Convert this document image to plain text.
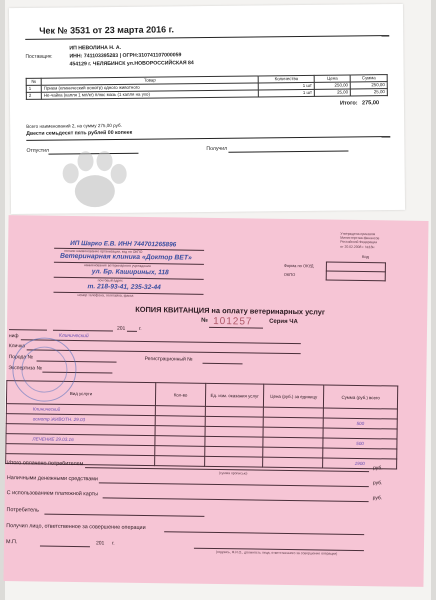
Чек № 3531 от 23 марта 2016 г.
Поставщик:
ИП НЕВОЛИНА Н. А.
ИНН: 741103395283 | ОГРН:310741107000059
454129 г. ЧЕЛЯБИНСК ул.НОВОРОССИЙСКАЯ 84
№	Товар	Количество	Цена	Сумма
1	Прием (клинический осмотр) одного животного	1 шт	250,00	250,00
2	Не-чайка (капля 1 мл/кг) плюс мазь (1 капля на ухо)	1 шт	25,00	25,00
Итого: 275,00
Всего наименований 2, на сумму 275,00 руб.
Двести семьдесят пять рублей 00 копеек
Отпустил	Получил
ИП Шарко Е.В. ИНН 744701265896
полное наименование организации, код по ОКПО
Ветеринарная клиника «Доктор ВЕТ»
наименование ветеринарного учреждения
ул. Бр. Кашириных, 118
почтовый адрес
т. 218-93-41, 235-32-44
номер телефона, телетайпа, факса
Утверждена приказом
Министерства финансов
Российской Федерации
от 20.02.2008 г. №18н
Код

Форма по ОКУД
ОКПО
КОПИЯ КВИТАНЦИЯ на оплату ветеринарных услуг
№ 101257	Серия ЧА
201	г.
ниф	Клинический
Кличка
Порода №	Регистрационный №
Экспертиза №
Вид услуги	Кол-во	Ед. изм. оказания услуг	Цена (руб.) за единицу	Сумма (руб.) всего
Клинический				
осмотр ЖИВОТН. 29.03				500

ЛЕЧЕНИЕ 29.03.16				500

				1900
Итого оплачено потребителем
руб.
(сумма прописью)
Наличными денежными средствами
руб.
С использованием платежной карты
руб.
Потребитель
Получил лицо, ответственное за совершение операции
М.П.	201 г.
(подпись, Ф.И.О., должность лица, ответственного за совершение операции)
